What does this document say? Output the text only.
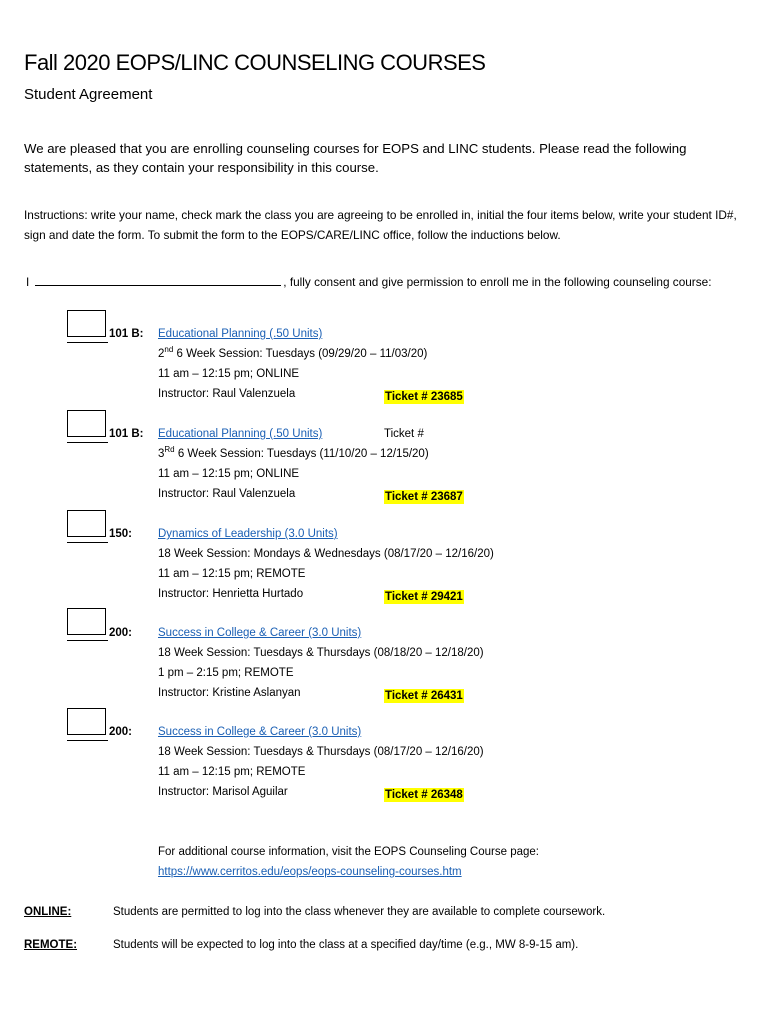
Fall 2020 EOPS/LINC COUNSELING COURSES
Student Agreement
We are pleased that you are enrolling counseling courses for EOPS and LINC students. Please read the following statements, as they contain your responsibility in this course.
Instructions: write your name, check mark the class you are agreeing to be enrolled in, initial the four items below, write your student ID#, sign and date the form. To submit the form to the EOPS/CARE/LINC office, follow the inductions below.
I	, fully consent and give permission to enroll me in the following counseling course:
101 B: Educational Planning (.50 Units)
2nd 6 Week Session: Tuesdays (09/29/20 – 11/03/20)
11 am – 12:15 pm; ONLINE
Instructor: Raul Valenzuela	Ticket # 23685
101 B: Educational Planning (.50 Units)	Ticket #
3Rd 6 Week Session: Tuesdays (11/10/20 – 12/15/20)
11 am – 12:15 pm; ONLINE
Instructor: Raul Valenzuela	Ticket # 23687
150: Dynamics of Leadership (3.0 Units)
18 Week Session: Mondays & Wednesdays (08/17/20 – 12/16/20)
11 am – 12:15 pm; REMOTE
Instructor: Henrietta Hurtado	Ticket # 29421
200: Success in College & Career (3.0 Units)
18 Week Session: Tuesdays & Thursdays (08/18/20 – 12/18/20)
1 pm – 2:15 pm; REMOTE
Instructor: Kristine Aslanyan	Ticket # 26431
200: Success in College & Career (3.0 Units)
18 Week Session: Tuesdays & Thursdays (08/17/20 – 12/16/20)
11 am – 12:15 pm; REMOTE
Instructor: Marisol Aguilar	Ticket # 26348
For additional course information, visit the EOPS Counseling Course page:
https://www.cerritos.edu/eops/eops-counseling-courses.htm
ONLINE:	Students are permitted to log into the class whenever they are available to complete coursework.
REMOTE:	Students will be expected to log into the class at a specified day/time (e.g., MW 8-9-15 am).
